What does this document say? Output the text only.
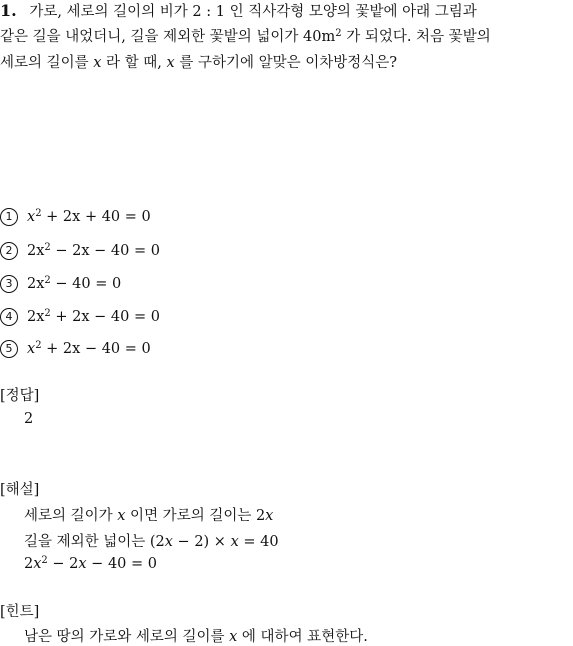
1. 가로, 세로의 길이의 비가 2 : 1 인 직사각형 모양의 꽃밭에 아래 그림과
같은 길을 내었더니, 길을 제외한 꽃밭의 넓이가 $40m^2$ 가 되었다. 처음 꽃밭의
세로의 길이를 x 라 할 때, x 를 구하기에 알맞은 이차방정식은?
1 $x^2 + 2x + 40 = 0$
2 $2x^2 - 2x - 40 = 0$
3 $2x^2 - 40 = 0$
4 $2x^2 + 2x - 40 = 0$
5 $x^2 + 2x - 40 = 0$
[정답]
2
[해설]
세로의 길이가 x 이면 가로의 길이는 2x
길을 제외한 넓이는 (2x − 2) × x = 40
$2x^2 - 2x - 40 = 0$
[힌트]
남은 땅의 가로와 세로의 길이를 x 에 대하여 표현한다.
